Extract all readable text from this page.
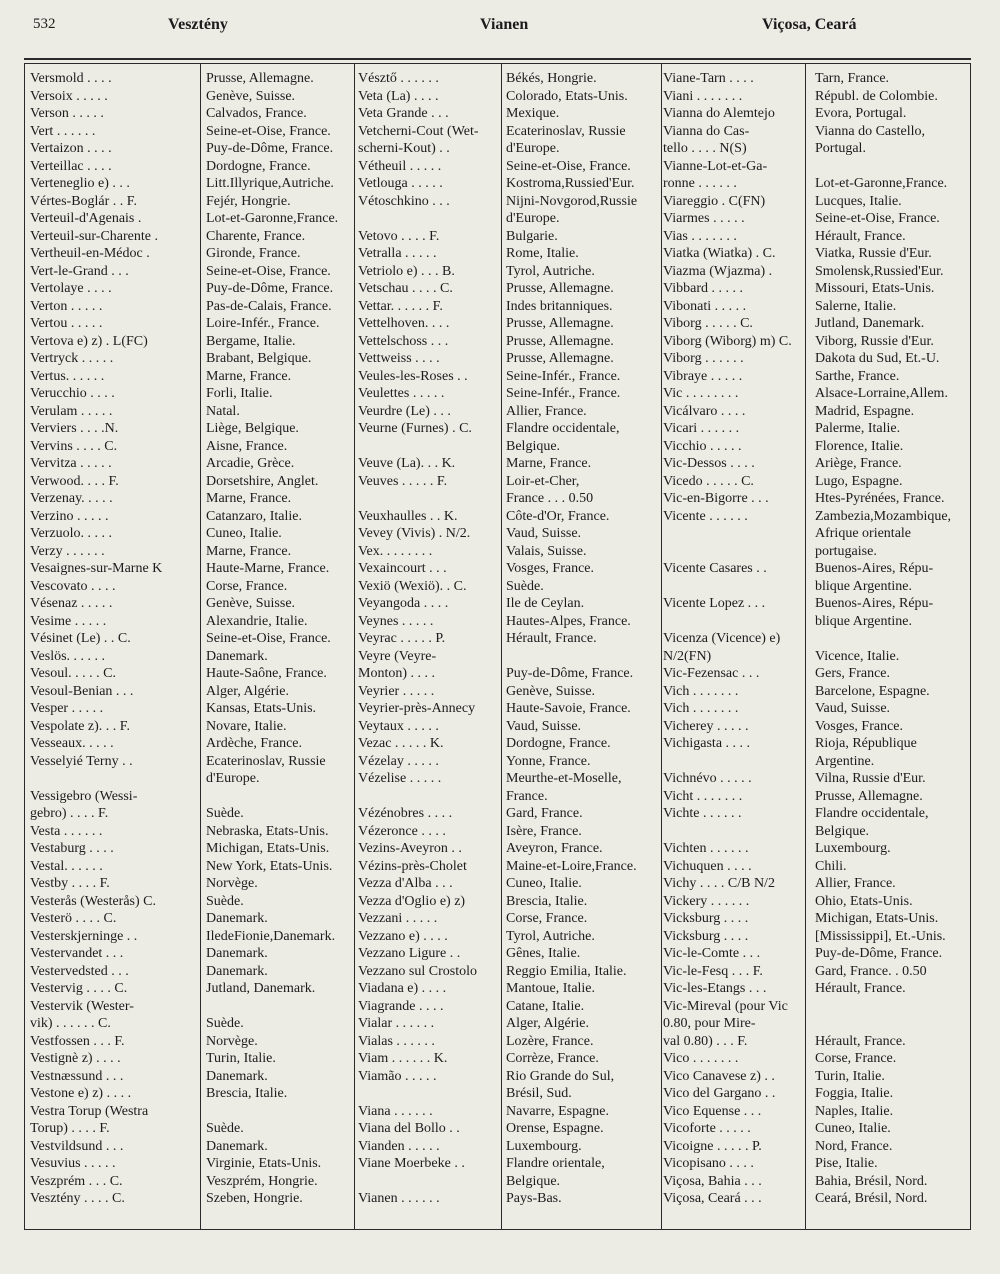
532	Vesztény	Vianen	Viçosa, Ceará
Versmold . . . .	Prusse, Allemagne.
Versoix . . . . .	Genève, Suisse.
Verson . . . . .	Calvados, France.
Vert . . . . . .	Seine-et-Oise, France.
Vertaizon . . . .	Puy-de-Dôme, France.
Verteillac . . . .	Dordogne, France.
Verteneglio e) . . .	Litt.Illyrique,Autriche.
Vértes-Boglár . . F.	Fejér, Hongrie.
Verteuil-d'Agenais .	Lot-et-Garonne,France.
Verteuil-sur-Charente .	Charente, France.
Vertheuil-en-Médoc .	Gironde, France.
Vert-le-Grand . . .	Seine-et-Oise, France.
Vertolaye . . . .	Puy-de-Dôme, France.
Verton . . . . .	Pas-de-Calais, France.
Vertou . . . . .	Loire-Infér., France.
Vertova e) z) . L(FC)	Bergame, Italie.
Vertryck . . . . .	Brabant, Belgique.
Vertus. . . . . .	Marne, France.
Verucchio . . . .	Forli, Italie.
Verulam . . . . .	Natal.
Verviers . . . .N.	Liège, Belgique.
Vervins . . . . C.	Aisne, France.
Vervitza . . . . .	Arcadie, Grèce.
Verwood. . . . F.	Dorsetshire, Anglet.
Verzenay. . . . .	Marne, France.
Verzino . . . . .	Catanzaro, Italie.
Verzuolo. . . . .	Cuneo, Italie.
Verzy . . . . . .	Marne, France.
Vesaignes-sur-Marne K	Haute-Marne, France.
Vescovato . . . .	Corse, France.
Vésenaz . . . . .	Genève, Suisse.
Vesime . . . . .	Alexandrie, Italie.
Vésinet (Le) . . C.	Seine-et-Oise, France.
Veslös. . . . . .	Danemark.
Vesoul. . . . . C.	Haute-Saône, France.
Vesoul-Benian . . .	Alger, Algérie.
Vesper . . . . .	Kansas, Etats-Unis.
Vespolate z). . . F.	Novare, Italie.
Vesseaux. . . . .	Ardèche, France.
Vesselyié Terny . .	Ecaterinoslav, Russie
d'Europe.
Vessigebro (Wessi-
gebro) . . . . F.	Suède.
Vesta . . . . . .	Nebraska, Etats-Unis.
Vestaburg . . . .	Michigan, Etats-Unis.
Vestal. . . . . .	New York, Etats-Unis.
Vestby . . . . F.	Norvège.
Vesterås (Westerås) C.	Suède.
Vesterö . . . . C.	Danemark.
Vesterskjerninge . .	IledeFionie,Danemark.
Vestervandet . . .	Danemark.
Vestervedsted . . .	Danemark.
Vestervig . . . . C.	Jutland, Danemark.
Vestervik (Wester-
vik) . . . . . . C.	Suède.
Vestfossen . . . F.	Norvège.
Vestignè z) . . . .	Turin, Italie.
Vestnæssund . . .	Danemark.
Vestone e) z) . . . .	Brescia, Italie.
Vestra Torup (Westra
Torup) . . . . F.	Suède.
Vestvildsund . . .	Danemark.
Vesuvius . . . . .	Virginie, Etats-Unis.
Veszprém . . . C.	Veszprém, Hongrie.
Vesztény . . . . C.	Szeben, Hongrie.
Vésztő . . . . . .	Békés, Hongrie.
Veta (La) . . . .	Colorado, Etats-Unis.
Veta Grande . . .	Mexique.
Vetcherni-Cout (Wet-	Ecaterinoslav, Russie
scherni-Kout) . .	d'Europe.
Vétheuil . . . . .	Seine-et-Oise, France.
Vetlouga . . . . .	Kostroma,Russied'Eur.
Vétoschkino . . .	Nijni-Novgorod,Russie
d'Europe.
Vetovo . . . . F.	Bulgarie.
Vetralla . . . . .	Rome, Italie.
Vetriolo e) . . . B.	Tyrol, Autriche.
Vetschau . . . . C.	Prusse, Allemagne.
Vettar. . . . . . F.	Indes britanniques.
Vettelhoven. . . .	Prusse, Allemagne.
Vettelschoss . . .	Prusse, Allemagne.
Vettweiss . . . .	Prusse, Allemagne.
Veules-les-Roses . .	Seine-Infér., France.
Veulettes . . . . .	Seine-Infér., France.
Veurdre (Le) . . .	Allier, France.
Veurne (Furnes) . C.	Flandre occidentale,
Belgique.
Veuve (La). . . K.	Marne, France.
Veuves . . . . . F.	Loir-et-Cher,
France . . . 0.50
Veuxhaulles . . K.	Côte-d'Or, France.
Vevey (Vivis) . N/2.	Vaud, Suisse.
Vex. . . . . . . .	Valais, Suisse.
Vexaincourt . . .	Vosges, France.
Vexiö (Wexiö). . C.	Suède.
Veyangoda . . . .	Ile de Ceylan.
Veynes . . . . .	Hautes-Alpes, France.
Veyrac . . . . . P.	Hérault, France.
Veyre (Veyre-
Monton) . . . .	Puy-de-Dôme, France.
Veyrier . . . . .	Genève, Suisse.
Veyrier-près-Annecy	Haute-Savoie, France.
Veytaux . . . . .	Vaud, Suisse.
Vezac . . . . . K.	Dordogne, France.
Vézelay . . . . .	Yonne, France.
Vézelise . . . . .	Meurthe-et-Moselle,
France.
Vézénobres . . . .	Gard, France.
Vézeronce . . . .	Isère, France.
Vezins-Aveyron . .	Aveyron, France.
Vézins-près-Cholet	Maine-et-Loire,France.
Vezza d'Alba . . .	Cuneo, Italie.
Vezza d'Oglio e) z)	Brescia, Italie.
Vezzani . . . . .	Corse, France.
Vezzano e) . . . .	Tyrol, Autriche.
Vezzano Ligure . .	Gênes, Italie.
Vezzano sul Crostolo	Reggio Emilia, Italie.
Viadana e) . . . .	Mantoue, Italie.
Viagrande . . . .	Catane, Italie.
Vialar . . . . . .	Alger, Algérie.
Vialas . . . . . .	Lozère, France.
Viam . . . . . . K.	Corrèze, France.
Viamão . . . . .	Rio Grande do Sul,
Brésil, Sud.
Viana . . . . . .	Navarre, Espagne.
Viana del Bollo . .	Orense, Espagne.
Vianden . . . . .	Luxembourg.
Viane Moerbeke . .	Flandre orientale,
Belgique.
Vianen . . . . . .	Pays-Bas.
Viane-Tarn . . . .	Tarn, France.
Viani . . . . . . .	Républ. de Colombie.
Vianna do Alemtejo	Evora, Portugal.
Vianna do Cas-	Vianna do Castello,
tello . . . . N(S)	Portugal.
Vianne-Lot-et-Ga-
ronne . . . . . .	Lot-et-Garonne,France.
Viareggio . C(FN)	Lucques, Italie.
Viarmes . . . . .	Seine-et-Oise, France.
Vias . . . . . . .	Hérault, France.
Viatka (Wiatka) . C.	Viatka, Russie d'Eur.
Viazma (Wjazma) .	Smolensk,Russied'Eur.
Vibbard . . . . .	Missouri, Etats-Unis.
Vibonati . . . . .	Salerne, Italie.
Viborg . . . . . C.	Jutland, Danemark.
Viborg (Wiborg) m) C.	Viborg, Russie d'Eur.
Viborg . . . . . .	Dakota du Sud, Et.-U.
Vibraye . . . . .	Sarthe, France.
Vic . . . . . . . .	Alsace-Lorraine,Allem.
Vicálvaro . . . .	Madrid, Espagne.
Vicari . . . . . .	Palerme, Italie.
Vicchio . . . . .	Florence, Italie.
Vic-Dessos . . . .	Ariège, France.
Vicedo . . . . . C.	Lugo, Espagne.
Vic-en-Bigorre . . .	Htes-Pyrénées, France.
Vicente . . . . . .	Zambezia,Mozambique,
Afrique orientale
portugaise.
Vicente Casares . .	Buenos-Aires, Répu-
blique Argentine.
Vicente Lopez . . .	Buenos-Aires, Répu-
blique Argentine.
Vicenza (Vicence) e)
N/2(FN)	Vicence, Italie.
Vic-Fezensac . . .	Gers, France.
Vich . . . . . . .	Barcelone, Espagne.
Vich . . . . . . .	Vaud, Suisse.
Vicherey . . . . .	Vosges, France.
Vichigasta . . . .	Rioja, République
Argentine.
Vichnévo . . . . .	Vilna, Russie d'Eur.
Vicht . . . . . . .	Prusse, Allemagne.
Vichte . . . . . .	Flandre occidentale,
Belgique.
Vichten . . . . . .	Luxembourg.
Vichuquen . . . .	Chili.
Vichy . . . . C/B N/2	Allier, France.
Vickery . . . . . .	Ohio, Etats-Unis.
Vicksburg . . . .	Michigan, Etats-Unis.
Vicksburg . . . .	[Mississippi], Et.-Unis.
Vic-le-Comte . . .	Puy-de-Dôme, France.
Vic-le-Fesq . . . F.	Gard, France. . 0.50
Vic-les-Etangs . . .	Hérault, France.
Vic-Mireval (pour Vic
0.80, pour Mire-
val 0.80) . . . F.	Hérault, France.
Vico . . . . . . .	Corse, France.
Vico Canavese z) . .	Turin, Italie.
Vico del Gargano . .	Foggia, Italie.
Vico Equense . . .	Naples, Italie.
Vicoforte . . . . .	Cuneo, Italie.
Vicoigne . . . . . P.	Nord, France.
Vicopisano . . . .	Pise, Italie.
Viçosa, Bahia . . .	Bahia, Brésil, Nord.
Viçosa, Ceará . . .	Ceará, Brésil, Nord.
